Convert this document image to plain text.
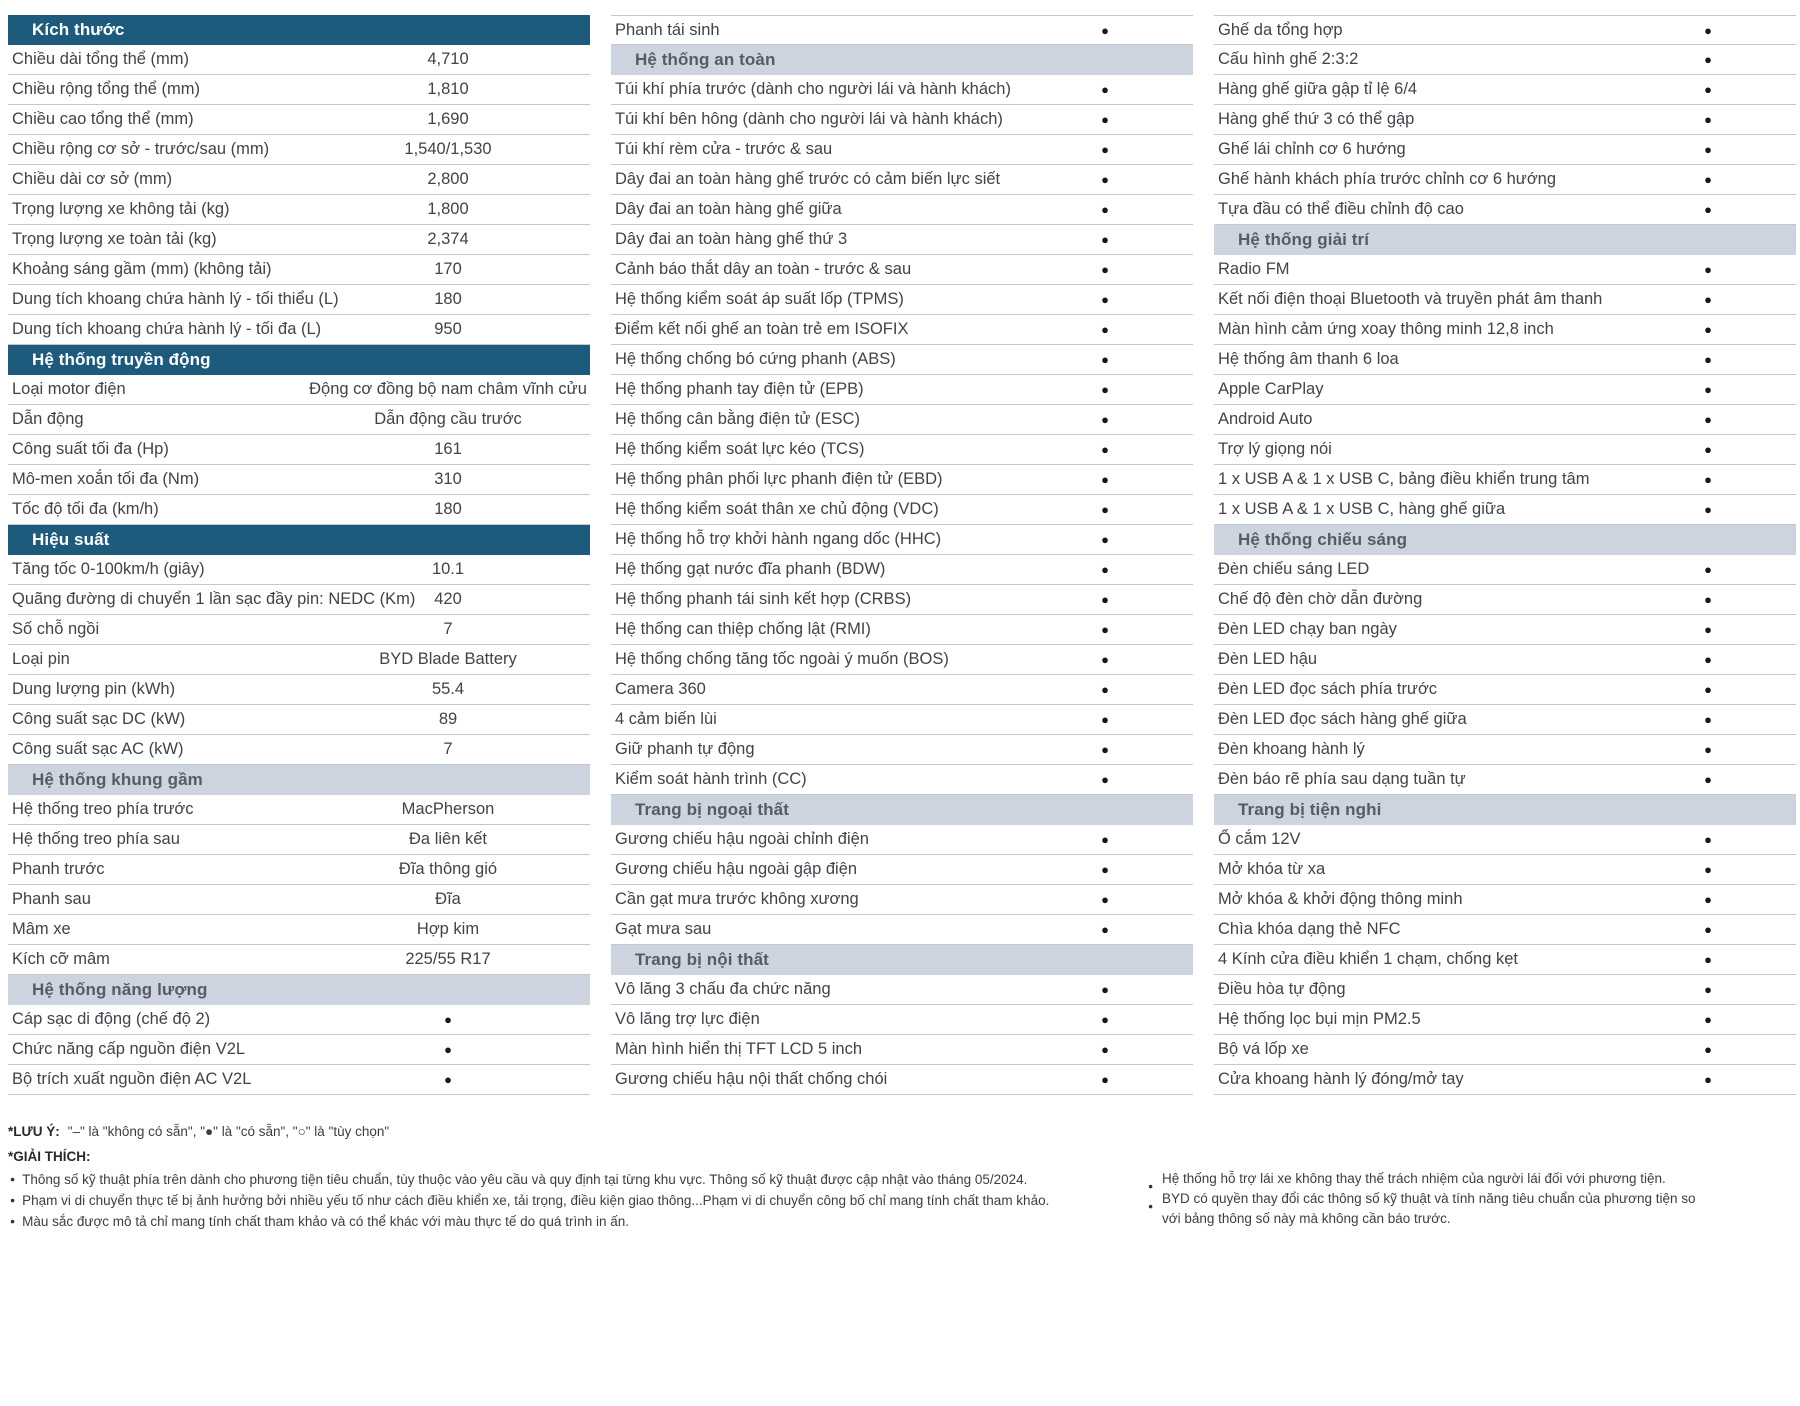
Kích thước
Chiều dài tổng thể (mm)	4,710
Chiều rộng tổng thể (mm)	1,810
Chiều cao tổng thể (mm)	1,690
Chiều rộng cơ sở - trước/sau (mm)	1,540/1,530
Chiều dài cơ sở (mm)	2,800
Trọng lượng xe không tải (kg)	1,800
Trọng lượng xe toàn tải (kg)	2,374
Khoảng sáng gầm (mm) (không tải)	170
Dung tích khoang chứa hành lý - tối thiểu (L)	180
Dung tích khoang chứa hành lý - tối đa (L)	950
Hệ thống truyền động
Loại motor điện	Động cơ đồng bộ nam châm vĩnh cửu
Dẫn động	Dẫn động cầu trước
Công suất tối đa (Hp)	161
Mô-men xoắn tối đa (Nm)	310
Tốc độ tối đa (km/h)	180
Hiệu suất
Tăng tốc 0-100km/h (giây)	10.1
Quãng đường di chuyển 1 lần sạc đầy pin: NEDC (Km)	420
Số chỗ ngồi	7
Loại pin	BYD Blade Battery
Dung lượng pin (kWh)	55.4
Công suất sạc DC (kW)	89
Công suất sạc AC (kW)	7
Hệ thống khung gầm
Hệ thống treo phía trước	MacPherson
Hệ thống treo phía sau	Đa liên kết
Phanh trước	Đĩa thông gió
Phanh sau	Đĩa
Mâm xe	Hợp kim
Kích cỡ mâm	225/55 R17
Hệ thống năng lượng
Cáp sạc di động (chế độ 2)	●
Chức năng cấp nguồn điện V2L	●
Bộ trích xuất nguồn điện AC V2L	●
Phanh tái sinh	●
Hệ thống an toàn
Túi khí phía trước (dành cho người lái và hành khách)	●
Túi khí bên hông (dành cho người lái và hành khách)	●
Túi khí rèm cửa - trước & sau	●
Dây đai an toàn hàng ghế trước có cảm biến lực siết	●
Dây đai an toàn hàng ghế giữa	●
Dây đai an toàn hàng ghế thứ 3	●
Cảnh báo thắt dây an toàn - trước & sau	●
Hệ thống kiểm soát áp suất lốp (TPMS)	●
Điểm kết nối ghế an toàn trẻ em ISOFIX	●
Hệ thống chống bó cứng phanh (ABS)	●
Hệ thống phanh tay điện tử (EPB)	●
Hệ thống cân bằng điện tử (ESC)	●
Hệ thống kiểm soát lực kéo (TCS)	●
Hệ thống phân phối lực phanh điện tử (EBD)	●
Hệ thống kiểm soát thân xe chủ động (VDC)	●
Hệ thống hỗ trợ khởi hành ngang dốc (HHC)	●
Hệ thống gạt nước đĩa phanh (BDW)	●
Hệ thống phanh tái sinh kết hợp (CRBS)	●
Hệ thống can thiệp chống lật (RMI)	●
Hệ thống chống tăng tốc ngoài ý muốn (BOS)	●
Camera 360	●
4 cảm biến lùi	●
Giữ phanh tự động	●
Kiểm soát hành trình (CC)	●
Trang bị ngoại thất
Gương chiếu hậu ngoài chỉnh điện	●
Gương chiếu hậu ngoài gập điện	●
Cần gạt mưa trước không xương	●
Gạt mưa sau	●
Trang bị nội thất
Vô lăng 3 chấu đa chức năng	●
Vô lăng trợ lực điện	●
Màn hình hiển thị TFT LCD 5 inch	●
Gương chiếu hậu nội thất chống chói	●
Ghế da tổng hợp	●
Cấu hình ghế 2:3:2	●
Hàng ghế giữa gập tỉ lệ 6/4	●
Hàng ghế thứ 3 có thể gập	●
Ghế lái chỉnh cơ 6 hướng	●
Ghế hành khách phía trước chỉnh cơ 6 hướng	●
Tựa đầu có thể điều chỉnh độ cao	●
Hệ thống giải trí
Radio FM	●
Kết nối điện thoại Bluetooth và truyền phát âm thanh	●
Màn hình cảm ứng xoay thông minh 12,8 inch	●
Hệ thống âm thanh 6 loa	●
Apple CarPlay	●
Android Auto	●
Trợ lý giọng nói	●
1 x USB A & 1 x USB C, bảng điều khiển trung tâm	●
1 x USB A & 1 x USB C, hàng ghế giữa	●
Hệ thống chiếu sáng
Đèn chiếu sáng LED	●
Chế độ đèn chờ dẫn đường	●
Đèn LED chạy ban ngày	●
Đèn LED hậu	●
Đèn LED đọc sách phía trước	●
Đèn LED đọc sách hàng ghế giữa	●
Đèn khoang hành lý	●
Đèn báo rẽ phía sau dạng tuần tự	●
Trang bị tiện nghi
Ổ cắm 12V	●
Mở khóa từ xa	●
Mở khóa & khởi động thông minh	●
Chìa khóa dạng thẻ NFC	●
4 Kính cửa điều khiển 1 chạm, chống kẹt	●
Điều hòa tự động	●
Hệ thống lọc bụi mịn PM2.5	●
Bộ vá lốp xe	●
Cửa khoang hành lý đóng/mở tay	●
*LƯU Ý: "–" là "không có sẵn", "●" là "có sẵn", "○" là "tùy chọn"
*GIẢI THÍCH:
● Thông số kỹ thuật phía trên dành cho phương tiện tiêu chuẩn, tùy thuộc vào yêu cầu và quy định tại từng khu vực. Thông số kỹ thuật được cập nhật vào tháng 05/2024.
● Phạm vi di chuyển thực tế bị ảnh hưởng bởi nhiều yếu tố như cách điều khiển xe, tải trọng, điều kiện giao thông...Phạm vi di chuyển công bố chỉ mang tính chất tham khảo.
● Màu sắc được mô tả chỉ mang tính chất tham khảo và có thể khác với màu thực tế do quá trình in ấn.
● Hệ thống hỗ trợ lái xe không thay thế trách nhiệm của người lái đối với phương tiện.
● BYD có quyền thay đổi các thông số kỹ thuật và tính năng tiêu chuẩn của phương tiện so với bảng thông số này mà không cần báo trước.
